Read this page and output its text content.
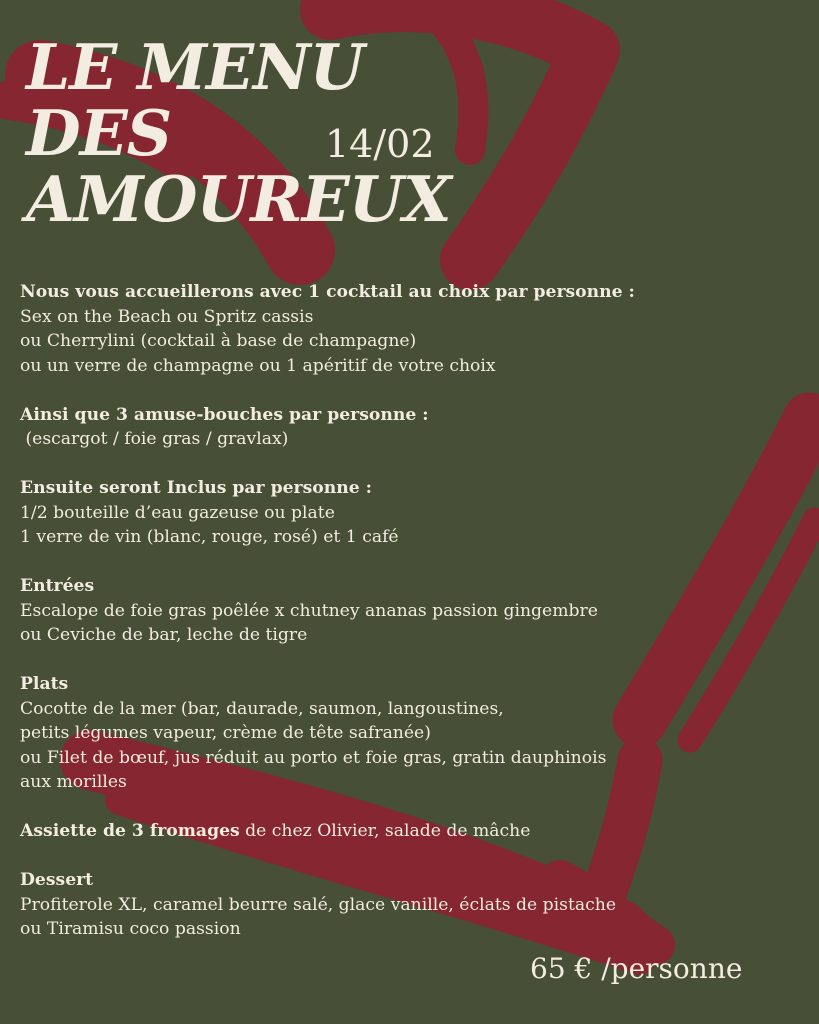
LE MENU
DES
AMOUREUX
14/02
Nous vous accueillerons avec 1 cocktail au choix par personne :
Sex on the Beach ou Spritz cassis
ou Cherrylini (cocktail à base de champagne)
ou un verre de champagne ou 1 apéritif de votre choix
Ainsi que 3 amuse-bouches par personne :
(escargot / foie gras / gravlax)
Ensuite seront Inclus par personne :
1/2 bouteille d’eau gazeuse ou plate
1 verre de vin (blanc, rouge, rosé) et 1 café
Entrées
Escalope de foie gras poêlée x chutney ananas passion gingembre
ou Ceviche de bar, leche de tigre
Plats
Cocotte de la mer (bar, daurade, saumon, langoustines,
petits légumes vapeur, crème de tête safranée)
ou Filet de bœuf, jus réduit au porto et foie gras, gratin dauphinois
aux morilles
Assiette de 3 fromages de chez Olivier, salade de mâche
Dessert
Profiterole XL, caramel beurre salé, glace vanille, éclats de pistache
ou Tiramisu coco passion
65 € /personne
